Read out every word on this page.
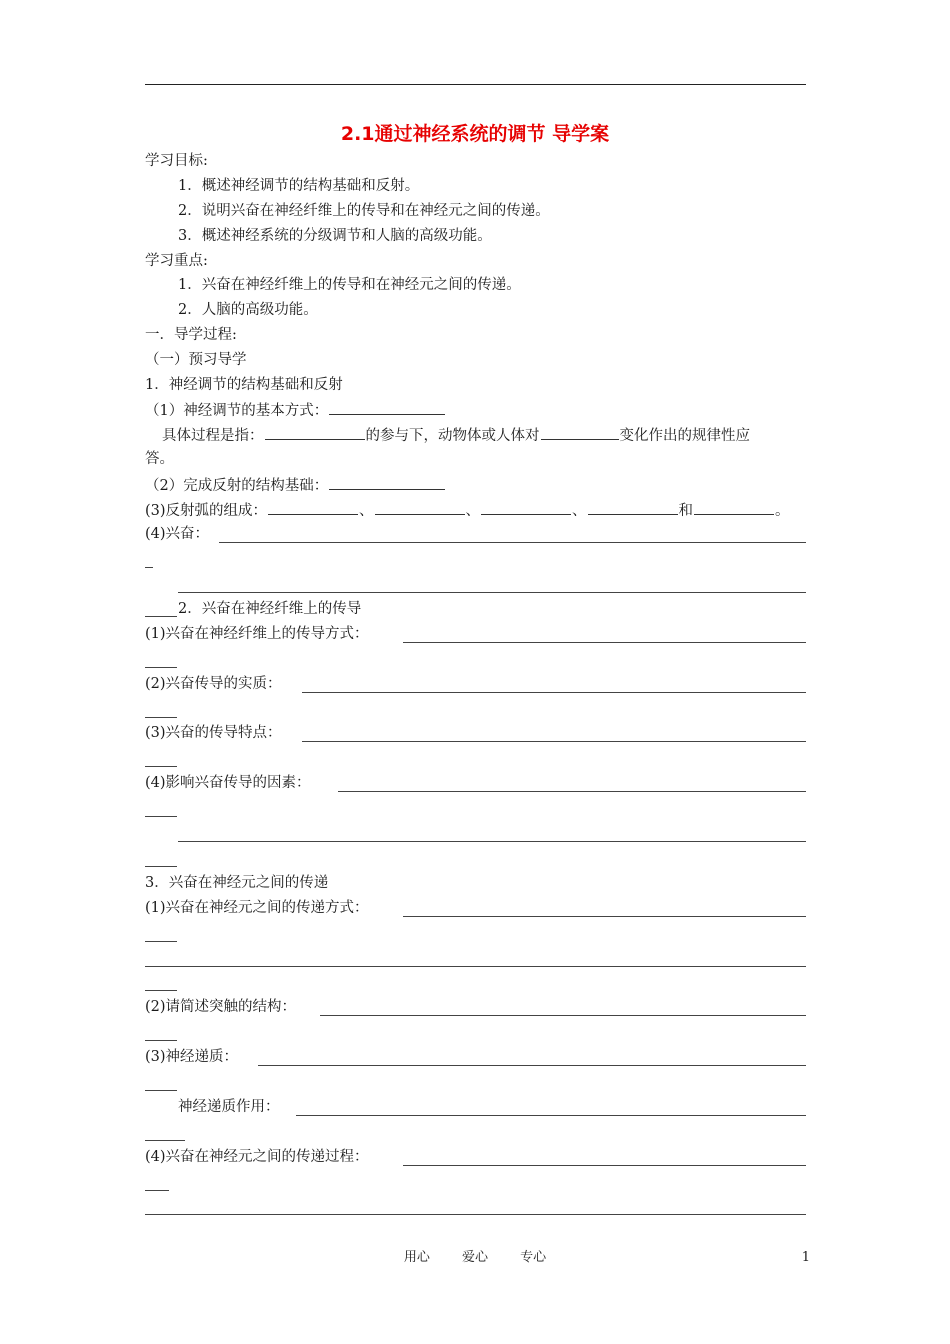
2.1通过神经系统的调节 导学案
学习目标:
1．概述神经调节的结构基础和反射。
2．说明兴奋在神经纤维上的传导和在神经元之间的传递。
3．概述神经系统的分级调节和人脑的高级功能。
学习重点:
1．兴奋在神经纤维上的传导和在神经元之间的传递。
2．人脑的高级功能。
一．导学过程:
（一）预习导学
1．神经调节的结构基础和反射
（1）神经调节的基本方式：
具体过程是指：	的参与下，动物体或人体对	变化作出的规律性应
答。
（2）完成反射的结构基础：
(3)反射弧的组成：	、	、	、	和	。
(4)兴奋：
2．兴奋在神经纤维上的传导
(1)兴奋在神经纤维上的传导方式：
(2)兴奋传导的实质：
(3)兴奋的传导特点：
(4)影响兴奋传导的因素：
3．兴奋在神经元之间的传递
(1)兴奋在神经元之间的传递方式：
(2)请简述突触的结构：
(3)神经递质：
神经递质作用：
(4)兴奋在神经元之间的传递过程：
用心 爱心 专心	1
